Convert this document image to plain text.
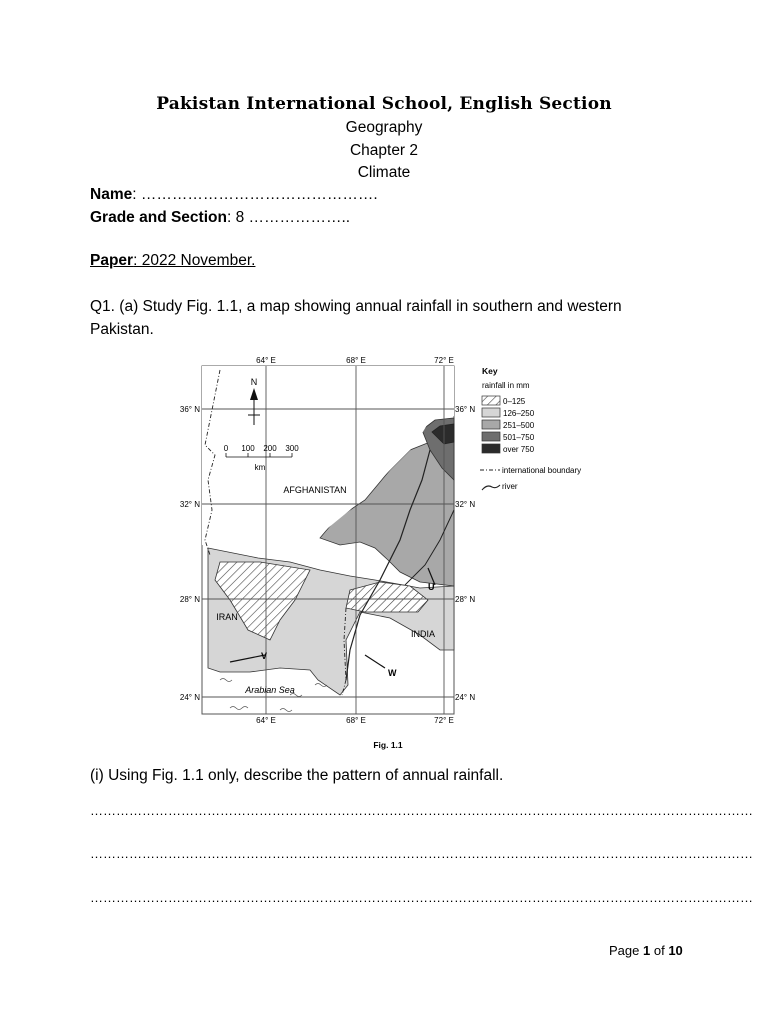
Pakistan International School, English Section
Geography
Chapter 2
Climate
Name: ……………………………………….
Grade and Section: 8 ………………..
Paper: 2022 November.
Q1. (a) Study Fig. 1.1, a map showing annual rainfall in southern and western Pakistan.
N
0 100 200 300
km
AFGHANISTAN
IRAN
INDIA
Arabian Sea
U
V
W
64° E	68° E	72° E
64° E	68° E	72° E
36° N
32° N
28° N
24° N
36° N
32° N
28° N
24° N
Key
rainfall in mm
0–125
126–250
251–500
501–750
over 750
international boundary
river
Fig. 1.1
(i) Using Fig. 1.1 only, describe the pattern of annual rainfall.
………………………………………………………………………………………………………………………………………
………………………………………………………………………………………………………………………………………
………………………………………………………………………………………………………………………………………
Page 1 of 10
